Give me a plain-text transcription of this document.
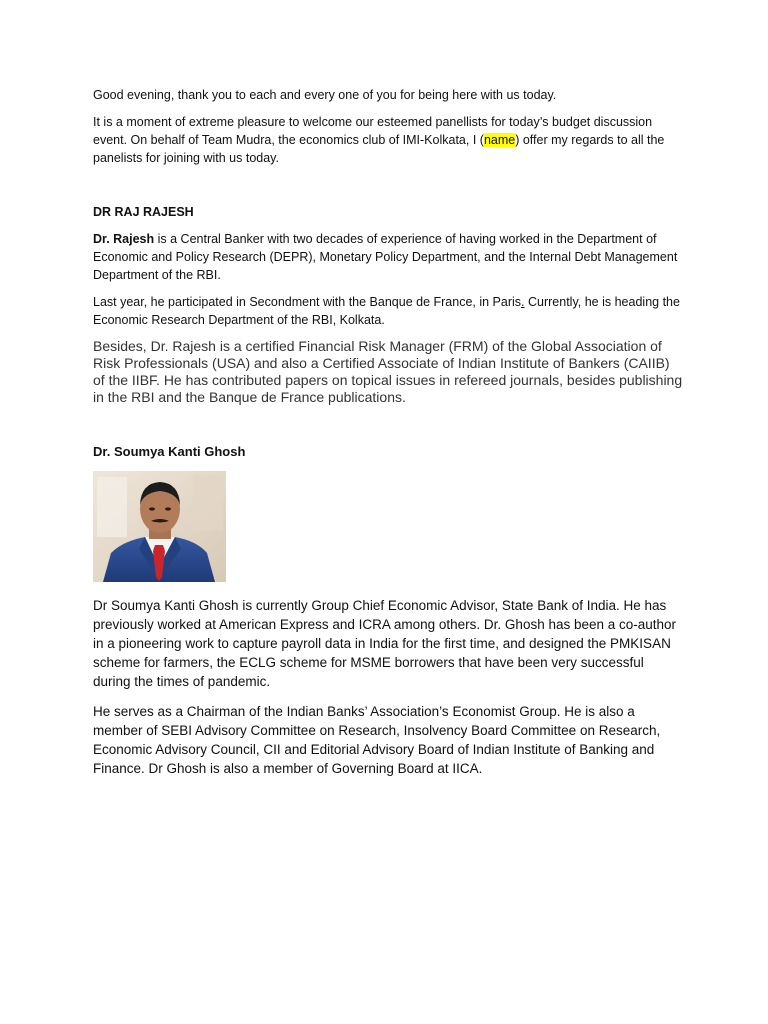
Good evening, thank you to each and every one of you for being here with us today.

It is a moment of extreme pleasure to welcome our esteemed panellists for today’s budget discussion event. On behalf of Team Mudra, the economics club of IMI-Kolkata, I (name) offer my regards to all the panelists for joining with us today.

DR RAJ RAJESH

Dr. Rajesh is a Central Banker with two decades of experience of having worked in the Department of Economic and Policy Research (DEPR), Monetary Policy Department, and the Internal Debt Management Department of the RBI.

Last year, he participated in Secondment with the Banque de France, in Paris. Currently, he is heading the Economic Research Department of the RBI, Kolkata.

Besides, Dr. Rajesh is a certified Financial Risk Manager (FRM) of the Global Association of Risk Professionals (USA) and also a Certified Associate of Indian Institute of Bankers (CAIIB) of the IIBF. He has contributed papers on topical issues in refereed journals, besides publishing in the RBI and the Banque de France publications.

Dr. Soumya Kanti Ghosh

Dr Soumya Kanti Ghosh is currently Group Chief Economic Advisor, State Bank of India. He has previously worked at American Express and ICRA among others. Dr. Ghosh has been a co-author in a pioneering work to capture payroll data in India for the first time, and designed the PMKISAN scheme for farmers, the ECLG scheme for MSME borrowers that have been very successful during the times of pandemic.

He serves as a Chairman of the Indian Banks’ Association’s Economist Group. He is also a member of SEBI Advisory Committee on Research, Insolvency Board Committee on Research, Economic Advisory Council, CII and Editorial Advisory Board of Indian Institute of Banking and Finance. Dr Ghosh is also a member of Governing Board at IICA.
